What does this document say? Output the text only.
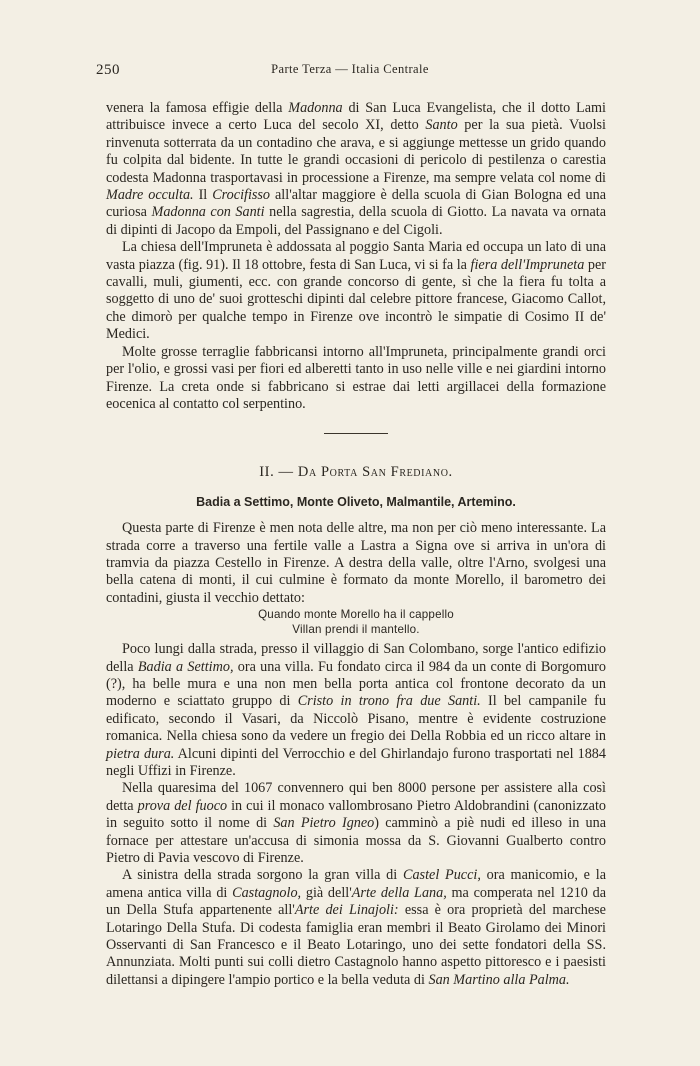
250	Parte Terza — Italia Centrale

venera la famosa effigie della Madonna di San Luca Evangelista, che il dotto Lami attribuisce invece a certo Luca del secolo XI, detto Santo per la sua pietà. Vuolsi rinvenuta sotterrata da un contadino che arava, e si aggiunge mettesse un grido quando fu colpita dal bidente. In tutte le grandi occasioni di pericolo di pestilenza o carestia codesta Madonna trasportavasi in processione a Firenze, ma sempre velata col nome di Madre occulta. Il Crocifisso all'altar maggiore è della scuola di Gian Bologna ed una curiosa Madonna con Santi nella sagrestia, della scuola di Giotto. La navata va ornata di dipinti di Jacopo da Empoli, del Passignano e del Cigoli.

La chiesa dell'Impruneta è addossata al poggio Santa Maria ed occupa un lato di una vasta piazza (fig. 91). Il 18 ottobre, festa di San Luca, vi si fa la fiera dell'Impruneta per cavalli, muli, giumenti, ecc. con grande concorso di gente, sì che la fiera fu tolta a soggetto di uno de' suoi grotteschi dipinti dal celebre pittore francese, Giacomo Callot, che dimorò per qualche tempo in Firenze ove incontrò le simpatie di Cosimo II de' Medici.

Molte grosse terraglie fabbricansi intorno all'Impruneta, principalmente grandi orci per l'olio, e grossi vasi per fiori ed alberetti tanto in uso nelle ville e nei giardini intorno Firenze. La creta onde si fabbricano si estrae dai letti argillacei della formazione eocenica al contatto col serpentino.

II. — Da Porta San Frediano.
Badia a Settimo, Monte Oliveto, Malmantile, Artemino.

Questa parte di Firenze è men nota delle altre, ma non per ciò meno interessante. La strada corre a traverso una fertile valle a Lastra a Signa ove si arriva in un'ora di tramvia da piazza Cestello in Firenze. A destra della valle, oltre l'Arno, svolgesi una bella catena di monti, il cui culmine è formato da monte Morello, il barometro dei contadini, giusta il vecchio dettato:

Quando monte Morello ha il cappello
Villan prendi il mantello.

Poco lungi dalla strada, presso il villaggio di San Colombano, sorge l'antico edifizio della Badia a Settimo, ora una villa. Fu fondato circa il 984 da un conte di Borgomuro (?), ha belle mura e una non men bella porta antica col frontone decorato da un moderno e sciattato gruppo di Cristo in trono fra due Santi. Il bel campanile fu edificato, secondo il Vasari, da Niccolò Pisano, mentre è evidente costruzione romanica. Nella chiesa sono da vedere un fregio dei Della Robbia ed un ricco altare in pietra dura. Alcuni dipinti del Verrocchio e del Ghirlandajo furono trasportati nel 1884 negli Uffizi in Firenze.

Nella quaresima del 1067 convennero qui ben 8000 persone per assistere alla così detta prova del fuoco in cui il monaco vallombrosano Pietro Aldobrandini (canonizzato in seguito sotto il nome di San Pietro Igneo) camminò a piè nudi ed illeso in una fornace per attestare un'accusa di simonia mossa da S. Giovanni Gualberto contro Pietro di Pavia vescovo di Firenze.

A sinistra della strada sorgono la gran villa di Castel Pucci, ora manicomio, e la amena antica villa di Castagnolo, già dell'Arte della Lana, ma comperata nel 1210 da un Della Stufa appartenente all'Arte dei Linajoli: essa è ora proprietà del marchese Lotaringo Della Stufa. Di codesta famiglia eran membri il Beato Girolamo dei Minori Osservanti di San Francesco e il Beato Lotaringo, uno dei sette fondatori della SS. Annunziata. Molti punti sui colli dietro Castagnolo hanno aspetto pittoresco e i paesisti dilettansi a dipingere l'ampio portico e la bella veduta di San Martino alla Palma.
